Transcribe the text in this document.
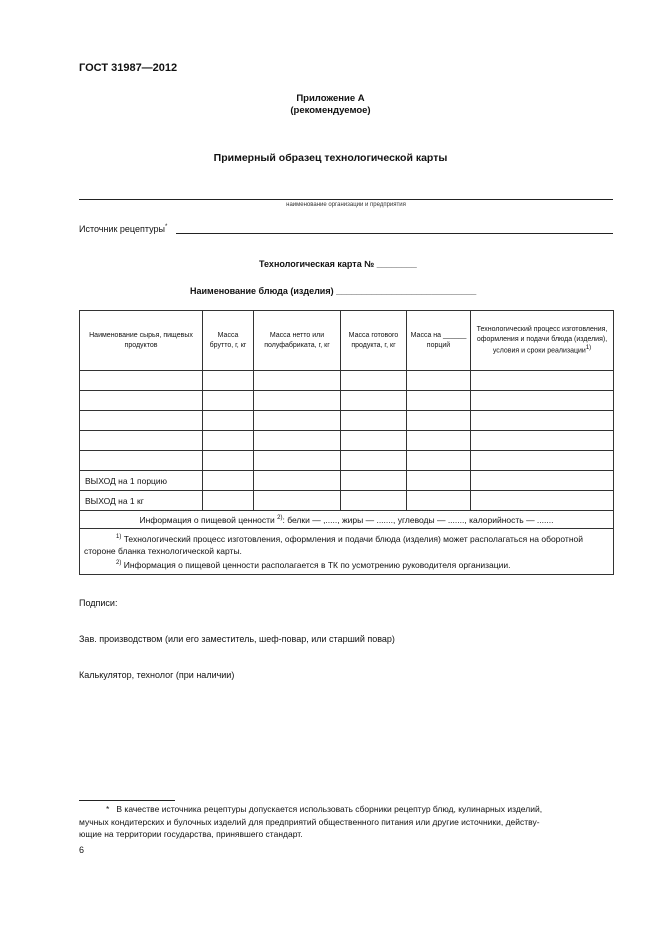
ГОСТ 31987—2012
Приложение А
(рекомендуемое)
Примерный образец технологической карты
наименование организации и предприятия
Источник рецептуры*
Технологическая карта № ________
Наименование блюда (изделия) ____________________________
Наименование сырья, пищевых продуктов	Масса брутто, г, кг	Масса нетто или полуфабриката, г, кг	Масса готового продукта, г, кг	Масса на ______ порций	Технологический процесс изготовления, оформления и подачи блюда (изделия), условия и сроки реализации$^{1)}$

ВЫХОД на 1 порцию					
ВЫХОД на 1 кг					
Информация о пищевой ценности $^{2)}$: белки — ,....., жиры — ......., углеводы — ......., калорийность — .......					

$^{1)}$ Технологический процесс изготовления, оформления и подачи блюда (изделия) может располагаться на оборотной стороне бланка технологической карты.
$^{2)}$ Информация о пищевой ценности располагается в ТК по усмотрению руководителя организации.					
Подписи:
Зав. производством (или его заместитель, шеф-повар, или старший повар)
Калькулятор, технолог (при наличии)
* В качестве источника рецептуры допускается использовать сборники рецептур блюд, кулинарных изделий,
мучных кондитерских и булочных изделий для предприятий общественного питания или другие источники, действу-
ющие на территории государства, принявшего стандарт.
6
